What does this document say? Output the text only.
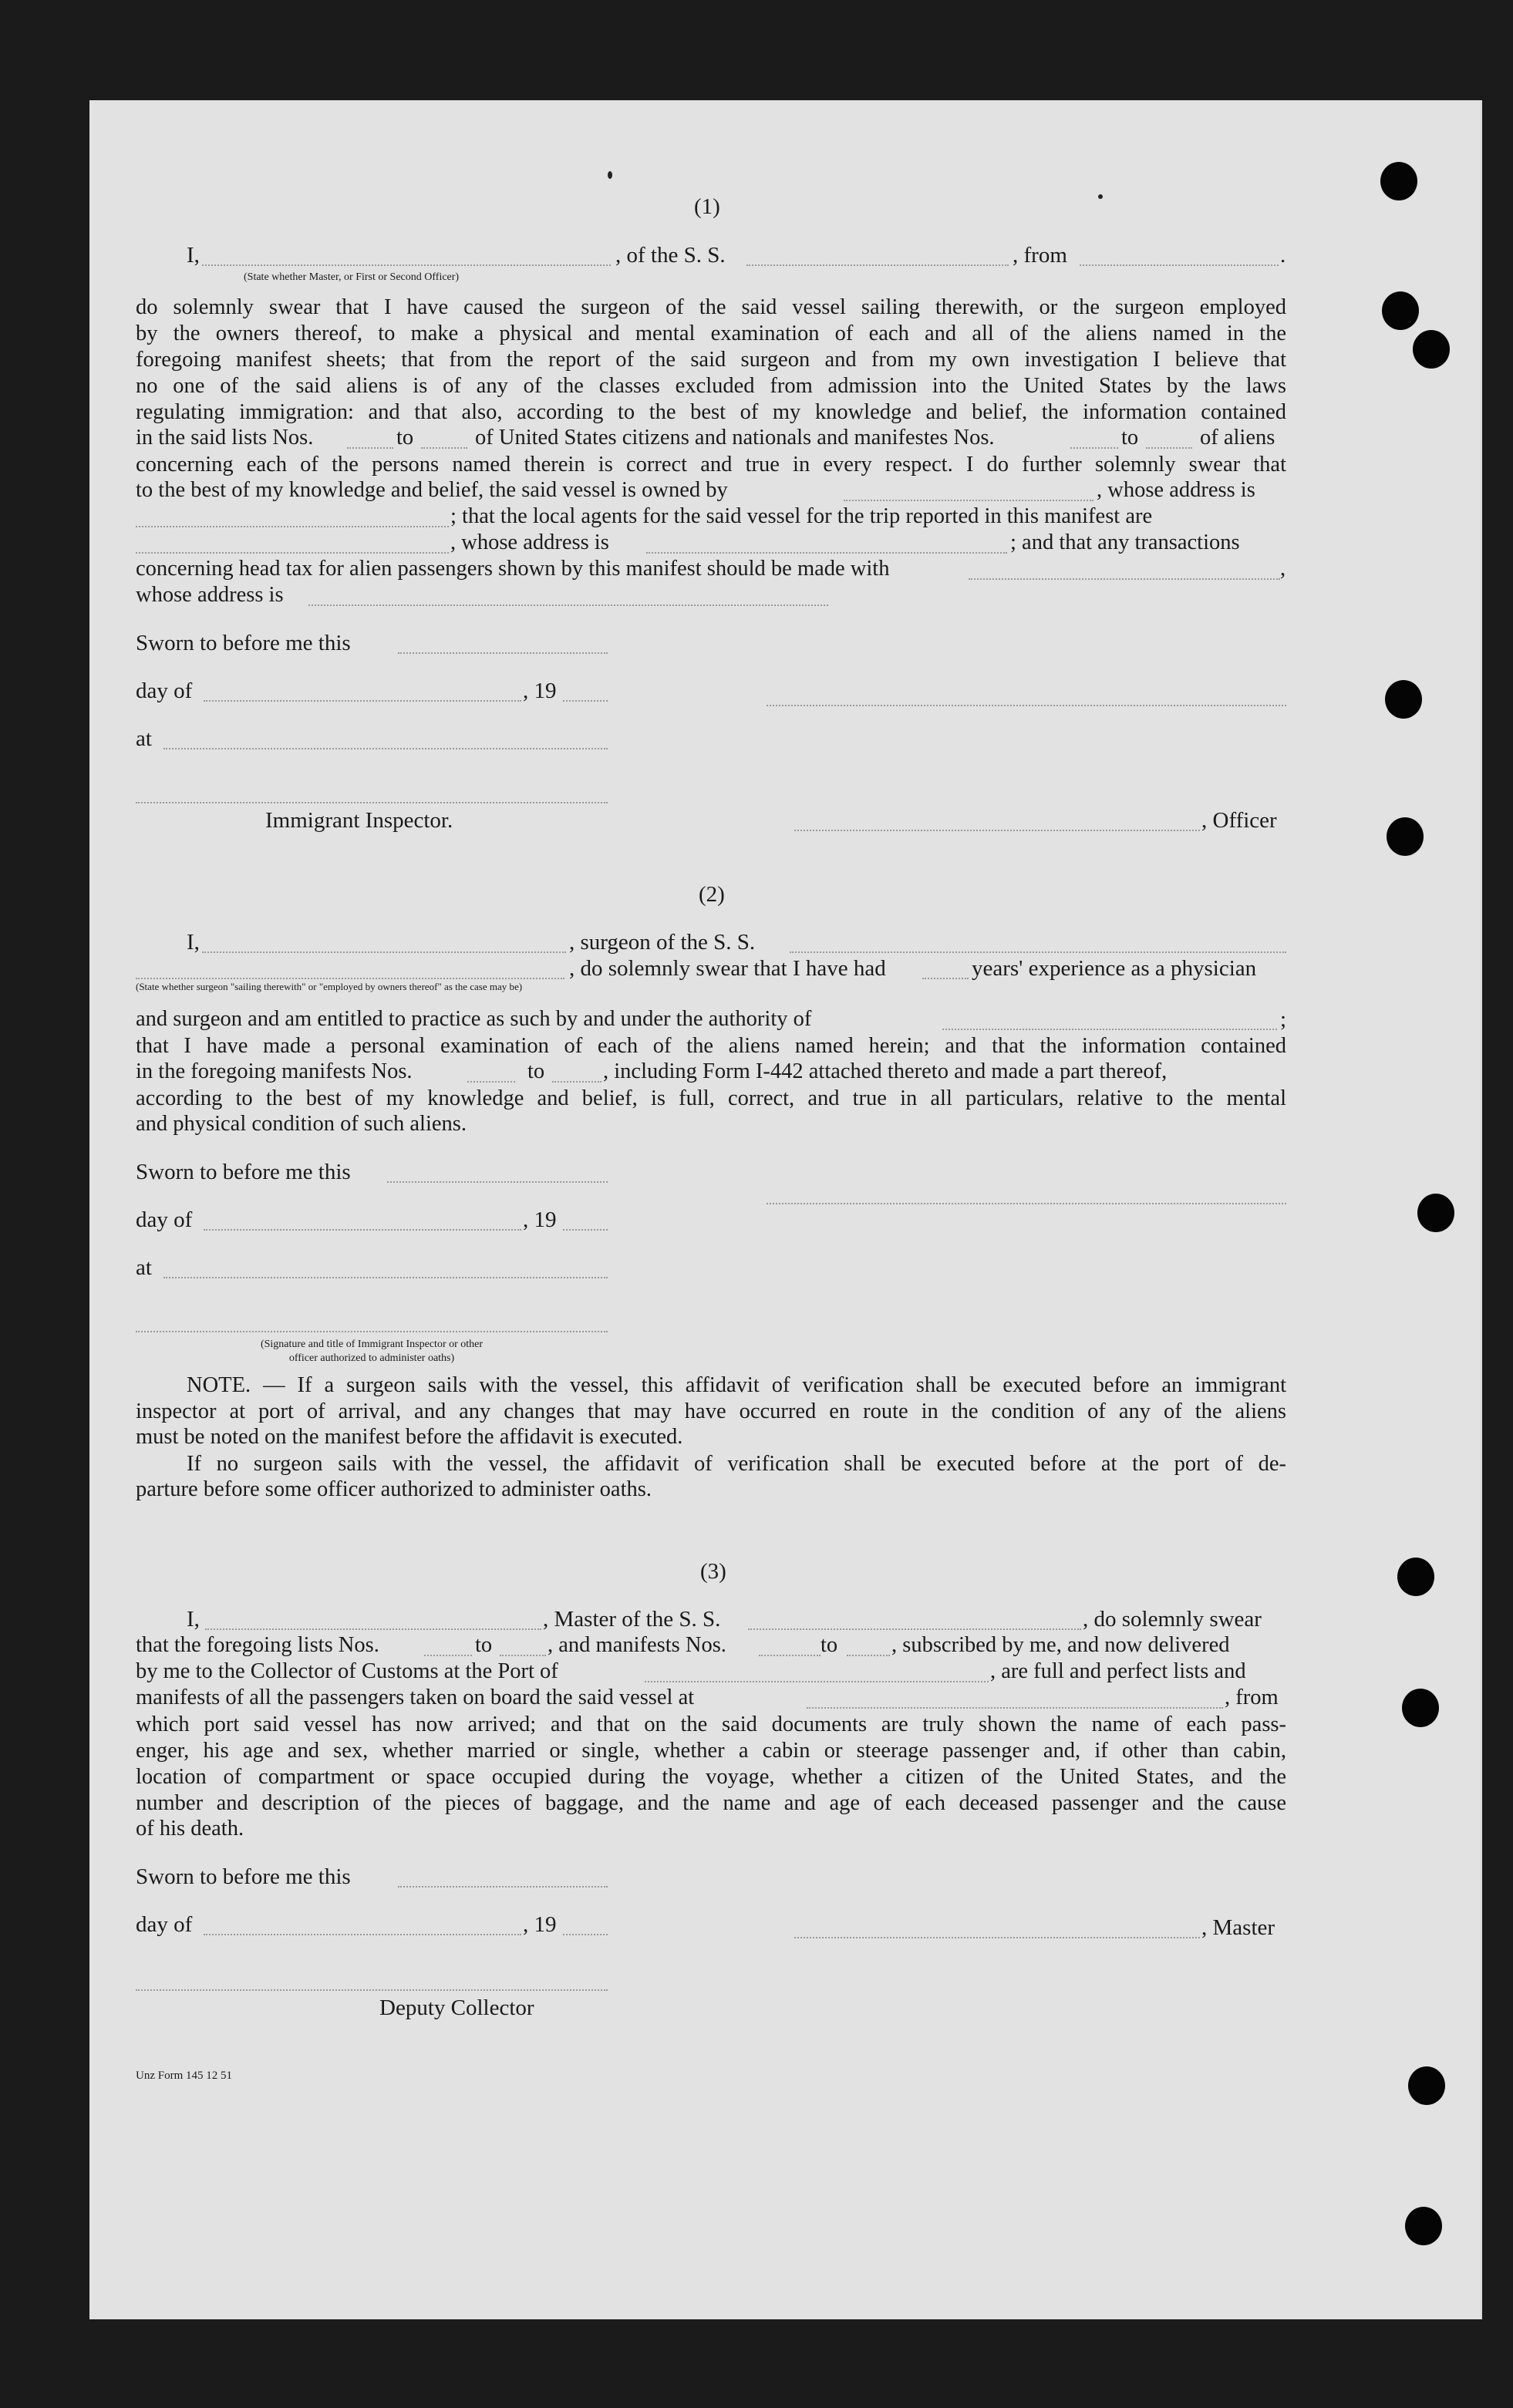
(1)
I,	, of the S. S.	, from	.
(State whether Master, or First or Second Officer)
do solemnly swear that I have caused the surgeon of the said vessel sailing therewith, or the surgeon employed
by the owners thereof, to make a physical and mental examination of each and all of the aliens named in the
foregoing manifest sheets; that from the report of the said surgeon and from my own investigation I believe that
no one of the said aliens is of any of the classes excluded from admission into the United States by the laws
regulating immigration: and that also, according to the best of my knowledge and belief, the information contained
in the said lists Nos.	to	of United States citizens and nationals and manifestes Nos.	to	of aliens
concerning each of the persons named therein is correct and true in every respect. I do further solemnly swear that
to the best of my knowledge and belief, the said vessel is owned by	, whose address is
; that the local agents for the said vessel for the trip reported in this manifest are
, whose address is	; and that any transactions
concerning head tax for alien passengers shown by this manifest should be made with	,
whose address is
Sworn to before me this
day of	, 19
at
Immigrant Inspector.	, Officer
(2)
I,	, surgeon of the S. S.
, do solemnly swear that I have had	years' experience as a physician
(State whether surgeon "sailing therewith" or "employed by owners thereof" as the case may be)
and surgeon and am entitled to practice as such by and under the authority of	;
that I have made a personal examination of each of the aliens named herein; and that the information contained
in the foregoing manifests Nos.	to	, including Form I-442 attached thereto and made a part thereof,
according to the best of my knowledge and belief, is full, correct, and true in all particulars, relative to the mental
and physical condition of such aliens.
Sworn to before me this
day of	, 19
at
(Signature and title of Immigrant Inspector or other
officer authorized to administer oaths)
NOTE. — If a surgeon sails with the vessel, this affidavit of verification shall be executed before an immigrant
inspector at port of arrival, and any changes that may have occurred en route in the condition of any of the aliens
must be noted on the manifest before the affidavit is executed.
If no surgeon sails with the vessel, the affidavit of verification shall be executed before at the port of de-
parture before some officer authorized to administer oaths.
(3)
I,	, Master of the S. S.	, do solemnly swear
that the foregoing lists Nos.	to	, and manifests Nos.	to , subscribed by me, and now delivered
by me to the Collector of Customs at the Port of	, are full and perfect lists and
manifests of all the passengers taken on board the said vessel at	, from
which port said vessel has now arrived; and that on the said documents are truly shown the name of each pass-
enger, his age and sex, whether married or single, whether a cabin or steerage passenger and, if other than cabin,
location of compartment or space occupied during the voyage, whether a citizen of the United States, and the
number and description of the pieces of baggage, and the name and age of each deceased passenger and the cause
of his death.
Sworn to before me this
day of	, 19	, Master
Deputy Collector
Unz Form 145 12 51
